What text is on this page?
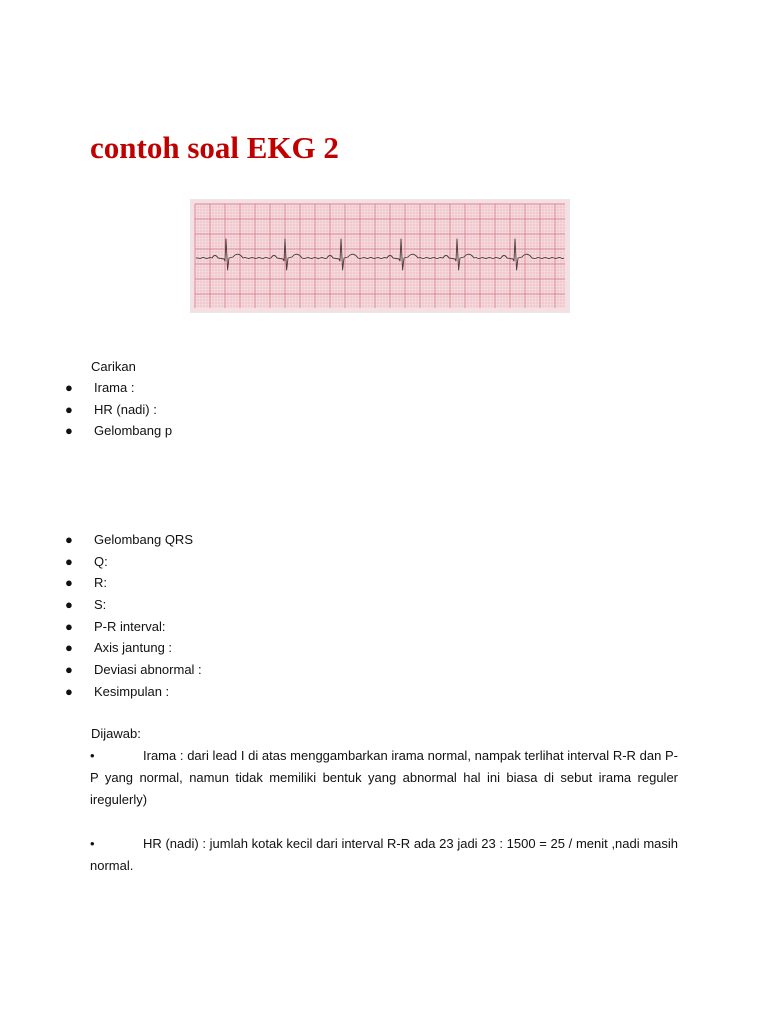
contoh soal EKG 2
Carikan
● Irama :
● HR (nadi) :
● Gelombang p
● Gelombang QRS
● Q:
● R:
● S:
● P-R interval:
● Axis jantung :
● Deviasi abnormal :
● Kesimpulan :
Dijawab:

•	Irama : dari lead I di atas menggambarkan irama normal, nampak terlihat interval R-R dan P-P yang normal, namun tidak memiliki bentuk yang abnormal hal ini biasa di sebut irama reguler iregulerly)

•	HR (nadi) : jumlah kotak kecil dari interval R-R ada 23 jadi 23 : 1500 = 25 / menit ,nadi masih normal.
